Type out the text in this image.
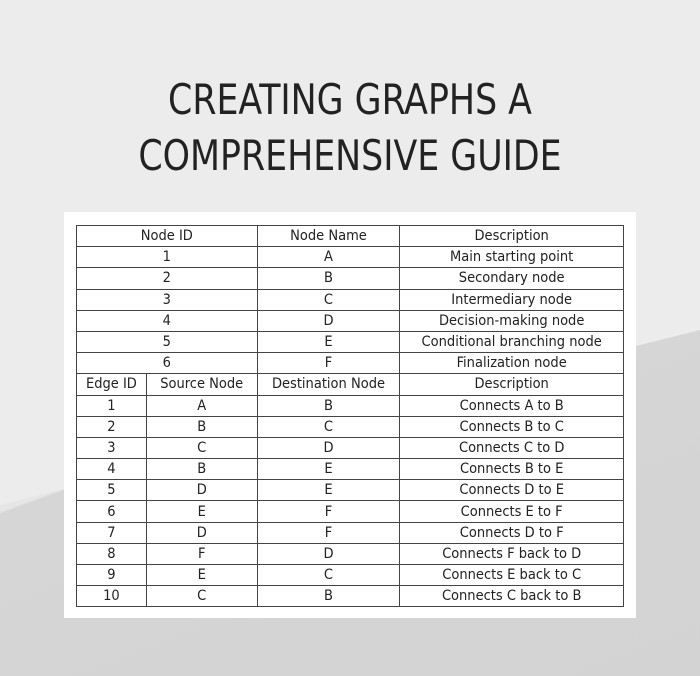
CREATING GRAPHS A
COMPREHENSIVE GUIDE
Node ID		Node Name	Description
1		A	Main starting point
2		B	Secondary node
3		C	Intermediary node
4		D	Decision-making node
5		E	Conditional branching node
6		F	Finalization node
Edge ID	Source Node	Destination Node	Description
1	A	B	Connects A to B
2	B	C	Connects B to C
3	C	D	Connects C to D
4	B	E	Connects B to E
5	D	E	Connects D to E
6	E	F	Connects E to F
7	D	F	Connects D to F
8	F	D	Connects F back to D
9	E	C	Connects E back to C
10	C	B	Connects C back to B
